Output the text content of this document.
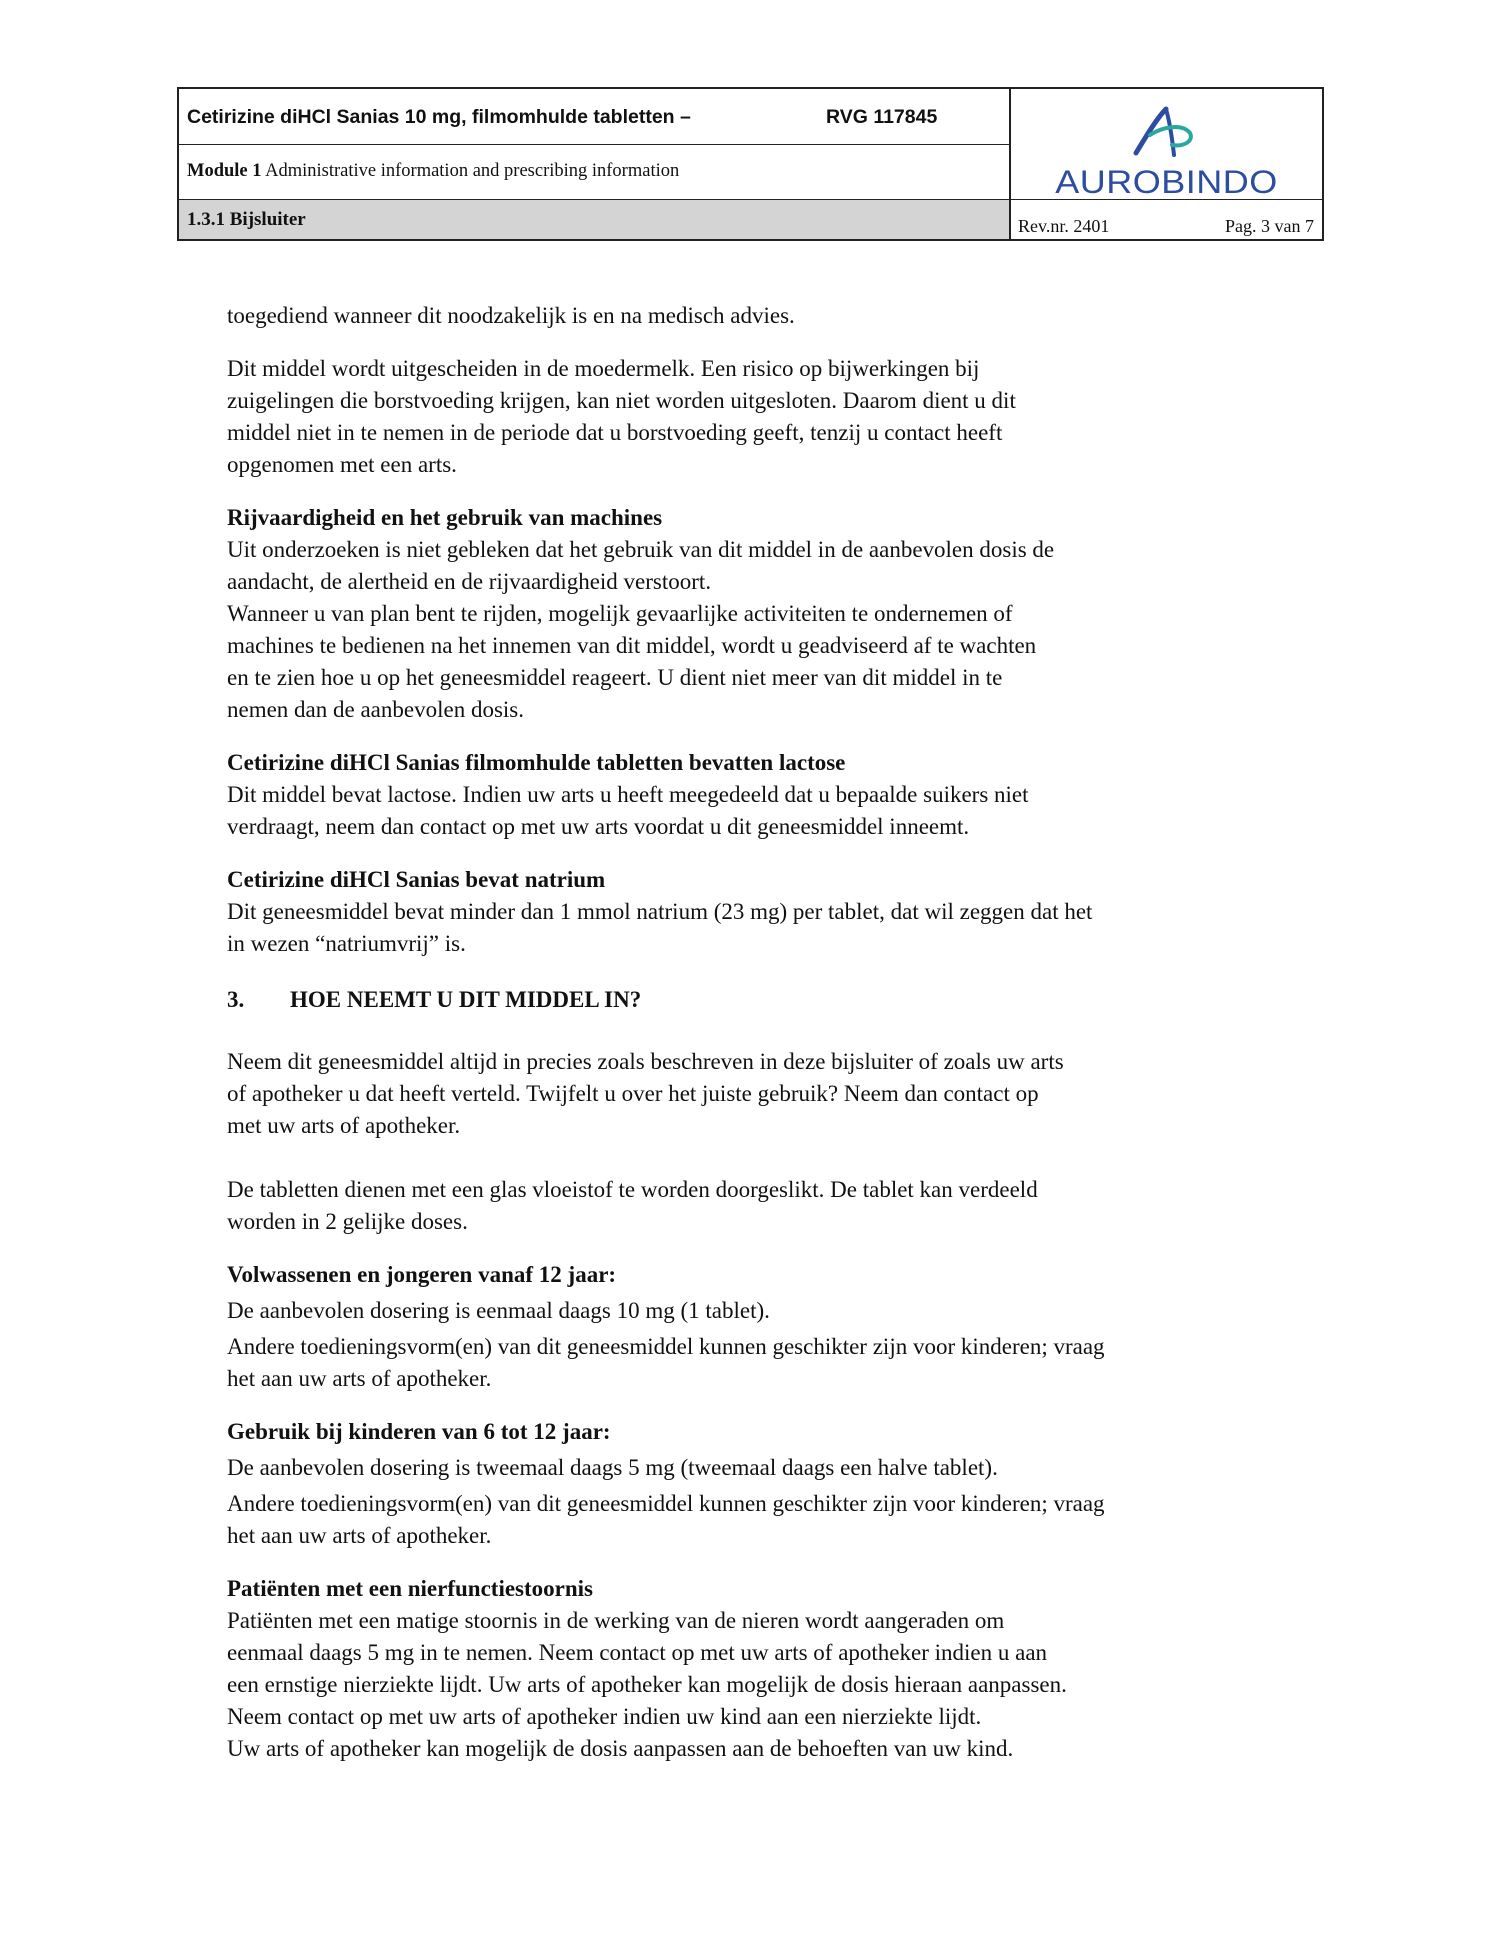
Cetirizine diHCl Sanias 10 mg, filmomhulde tabletten –	RVG 117845
Module 1 Administrative information and prescribing information
1.3.1 Bijsluiter
AUROBINDO
Rev.nr. 2401	Pag. 3 van 7

toegediend wanneer dit noodzakelijk is en na medisch advies.

Dit middel wordt uitgescheiden in de moedermelk. Een risico op bijwerkingen bij
zuigelingen die borstvoeding krijgen, kan niet worden uitgesloten. Daarom dient u dit
middel niet in te nemen in de periode dat u borstvoeding geeft, tenzij u contact heeft
opgenomen met een arts.

Rijvaardigheid en het gebruik van machines

Uit onderzoeken is niet gebleken dat het gebruik van dit middel in de aanbevolen dosis de
aandacht, de alertheid en de rijvaardigheid verstoort.
Wanneer u van plan bent te rijden, mogelijk gevaarlijke activiteiten te ondernemen of
machines te bedienen na het innemen van dit middel, wordt u geadviseerd af te wachten
en te zien hoe u op het geneesmiddel reageert. U dient niet meer van dit middel in te
nemen dan de aanbevolen dosis.

Cetirizine diHCl Sanias filmomhulde tabletten bevatten lactose

Dit middel bevat lactose. Indien uw arts u heeft meegedeeld dat u bepaalde suikers niet
verdraagt, neem dan contact op met uw arts voordat u dit geneesmiddel inneemt.

Cetirizine diHCl Sanias bevat natrium

Dit geneesmiddel bevat minder dan 1 mmol natrium (23 mg) per tablet, dat wil zeggen dat het
in wezen “natriumvrij” is.

3. HOE NEEMT U DIT MIDDEL IN?

Neem dit geneesmiddel altijd in precies zoals beschreven in deze bijsluiter of zoals uw arts
of apotheker u dat heeft verteld. Twijfelt u over het juiste gebruik? Neem dan contact op
met uw arts of apotheker.

De tabletten dienen met een glas vloeistof te worden doorgeslikt. De tablet kan verdeeld
worden in 2 gelijke doses.

Volwassenen en jongeren vanaf 12 jaar:

De aanbevolen dosering is eenmaal daags 10 mg (1 tablet).

Andere toedieningsvorm(en) van dit geneesmiddel kunnen geschikter zijn voor kinderen; vraag
het aan uw arts of apotheker.

Gebruik bij kinderen van 6 tot 12 jaar:

De aanbevolen dosering is tweemaal daags 5 mg (tweemaal daags een halve tablet).

Andere toedieningsvorm(en) van dit geneesmiddel kunnen geschikter zijn voor kinderen; vraag
het aan uw arts of apotheker.

Patiënten met een nierfunctiestoornis

Patiënten met een matige stoornis in de werking van de nieren wordt aangeraden om
eenmaal daags 5 mg in te nemen. Neem contact op met uw arts of apotheker indien u aan
een ernstige nierziekte lijdt. Uw arts of apotheker kan mogelijk de dosis hieraan aanpassen.
Neem contact op met uw arts of apotheker indien uw kind aan een nierziekte lijdt.
Uw arts of apotheker kan mogelijk de dosis aanpassen aan de behoeften van uw kind.
